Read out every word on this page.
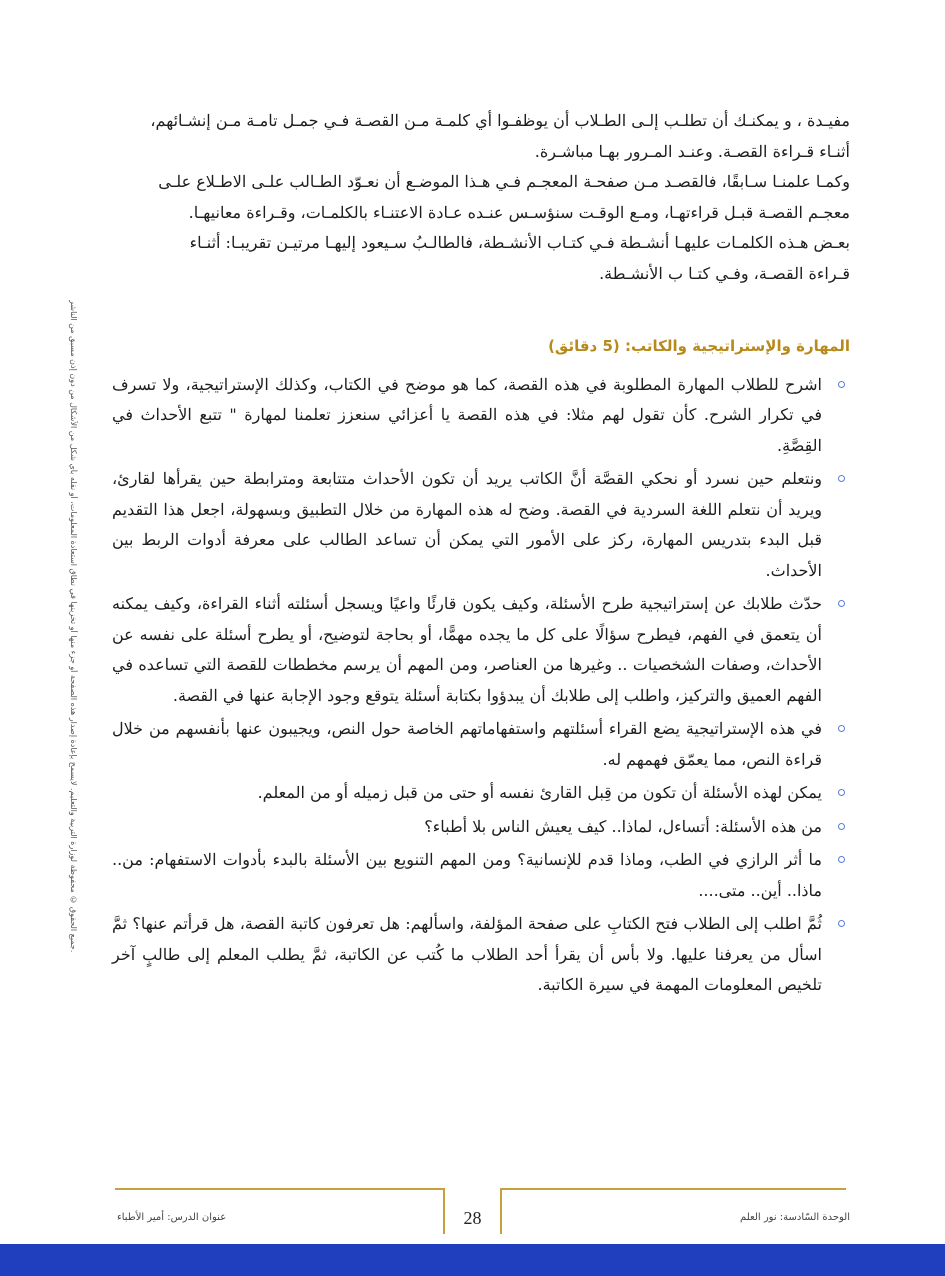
جميع الحقوق © محفوظة لوزارة التربية والتعليم. لايسمح بإعادة إصدار هذه الصفحة أو جزء منها أو تخزينها في نطاق استعادة المعلومات، أو نقله بأي شكل من الأشكال من دون إذن مسبق من الناشر.

مفيـدة ، و يمكنـك أن تطلـب إلـى الطـلاب أن يوظفـوا أي كلمـة مـن القصـة فـي جمـل تامـة مـن إنشـائهم،

أثنـاء قـراءة القصـة. وعنـد المـرور بهـا مباشـرة.

وكمـا علمنـا سـابقًا، فالقصـد مـن صفحـة المعجـم فـي هـذا الموضـع أن نعـوّد الطـالب علـى الاطـلاع علـى

معجـم القصـة قبـل قراءتهـا، ومـع الوقـت سنؤسـس عنـده عـادة الاعتنـاء بالكلمـات، وقـراءة معانيهـا.

بعـض هـذه الكلمـات عليهـا أنشـطة فـي كتـاب الأنشـطة، فالطالـبُ سـيعود إليهـا مرتيـن تقريبـا: أثنـاء

قـراءة القصـة، وفـي كتـا ب الأنشـطة.

المهارة والإستراتيجية والكاتب: (5 دقائق)
اشرح للطلاب المهارة المطلوبة في هذه القصة، كما هو موضح في الكتاب، وكذلك الإستراتيجية، ولا تسرف في تكرار الشرح. كأن تقول لهم مثلا: في هذه القصة يا أعزائي سنعزز تعلمنا لمهارة " تتبع الأحداث في القِصَّةِ.
ونتعلم حين نسرد أو نحكي القصَّة أنَّ الكاتب يريد أن تكون الأحداث متتابعة ومترابطة حين يقرأها لقارئ، ويريد أن نتعلم اللغة السردية في القصة. وضح له هذه المهارة من خلال التطبيق وبسهولة، اجعل هذا التقديم قبل البدء بتدريس المهارة، ركز على الأمور التي يمكن أن تساعد الطالب على معرفة أدوات الربط بين الأحداث.
حدّث طلابك عن إستراتيجية طرح الأسئلة، وكيف يكون قارئًا واعيًا ويسجل أسئلته أثناء القراءة، وكيف يمكنه أن يتعمق في الفهم، فيطرح سؤالًا على كل ما يجده مهمًّا، أو بحاجة لتوضيح، أو يطرح أسئلة على نفسه عن الأحداث، وصفات الشخصيات .. وغيرها من العناصر، ومن المهم أن يرسم مخططات للقصة التي تساعده في الفهم العميق والتركيز، واطلب إلى طلابك أن يبدؤوا بكتابة أسئلة يتوقع وجود الإجابة عنها في القصة.
في هذه الإستراتيجية يضع القراء أسئلتهم واستفهاماتهم الخاصة حول النص، ويجيبون عنها بأنفسهم من خلال قراءة النص، مما يعمّق فهمهم له.
يمكن لهذه الأسئلة أن تكون من قِبل القارئ نفسه أو حتى من قبل زميله أو من المعلم.
من هذه الأسئلة: أتساءل، لماذا.. كيف يعيش الناس بلا أطباء؟
ما أثر الرازي في الطب، وماذا قدم للإنسانية؟ ومن المهم التنويع بين الأسئلة بالبدء بأدوات الاستفهام: من.. ماذا.. أين.. متى....
ثُمَّ اطلب إلى الطلاب فتح الكتابِ على صفحة المؤلفة، واسألهم: هل تعرفون كاتبة القصة، هل قرأتم عنها؟ ثمَّ اسأل من يعرفنا عليها. ولا بأس أن يقرأ أحد الطلاب ما كُتب عن الكاتبة، ثمَّ يطلب المعلم إلى طالبٍ آخر تلخيص المعلومات المهمة في سيرة الكاتبة.
28
عنوان الدرس: أمير الأطباء	الوحدة السّادسة: نور العلم
